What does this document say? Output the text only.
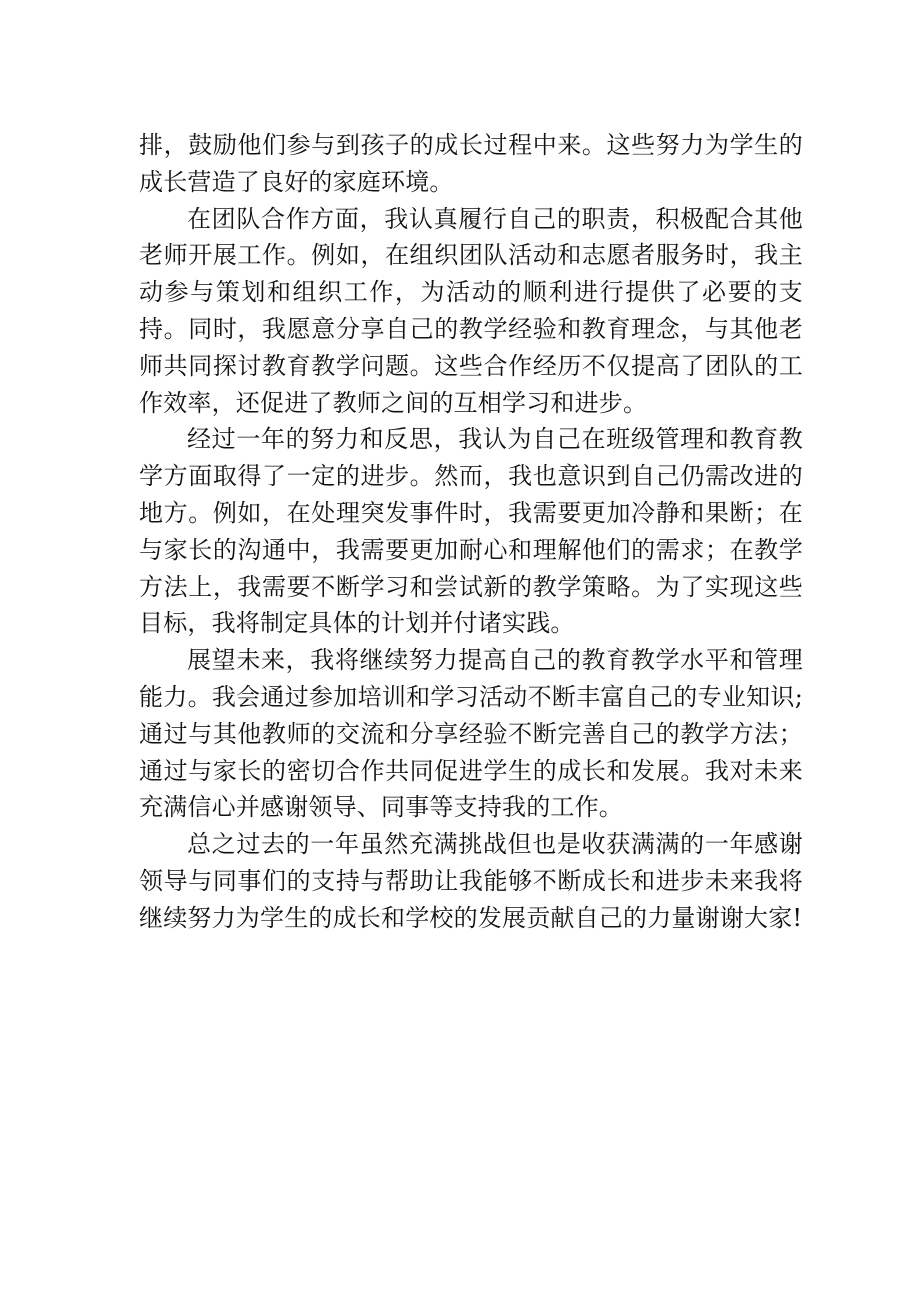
排，鼓励他们参与到孩子的成长过程中来。这些努力为学生的成长营造了良好的家庭环境。

在团队合作方面，我认真履行自己的职责，积极配合其他老师开展工作。例如，在组织团队活动和志愿者服务时，我主动参与策划和组织工作，为活动的顺利进行提供了必要的支持。同时，我愿意分享自己的教学经验和教育理念，与其他老师共同探讨教育教学问题。这些合作经历不仅提高了团队的工作效率，还促进了教师之间的互相学习和进步。

经过一年的努力和反思，我认为自己在班级管理和教育教学方面取得了一定的进步。然而，我也意识到自己仍需改进的地方。例如，在处理突发事件时，我需要更加冷静和果断；在与家长的沟通中，我需要更加耐心和理解他们的需求；在教学方法上，我需要不断学习和尝试新的教学策略。为了实现这些目标，我将制定具体的计划并付诸实践。

展望未来，我将继续努力提高自己的教育教学水平和管理能力。我会通过参加培训和学习活动不断丰富自己的专业知识;通过与其他教师的交流和分享经验不断完善自己的教学方法；通过与家长的密切合作共同促进学生的成长和发展。我对未来充满信心并感谢领导、同事等支持我的工作。

总之过去的一年虽然充满挑战但也是收获满满的一年感谢领导与同事们的支持与帮助让我能够不断成长和进步未来我将继续努力为学生的成长和学校的发展贡献自己的力量谢谢大家!
